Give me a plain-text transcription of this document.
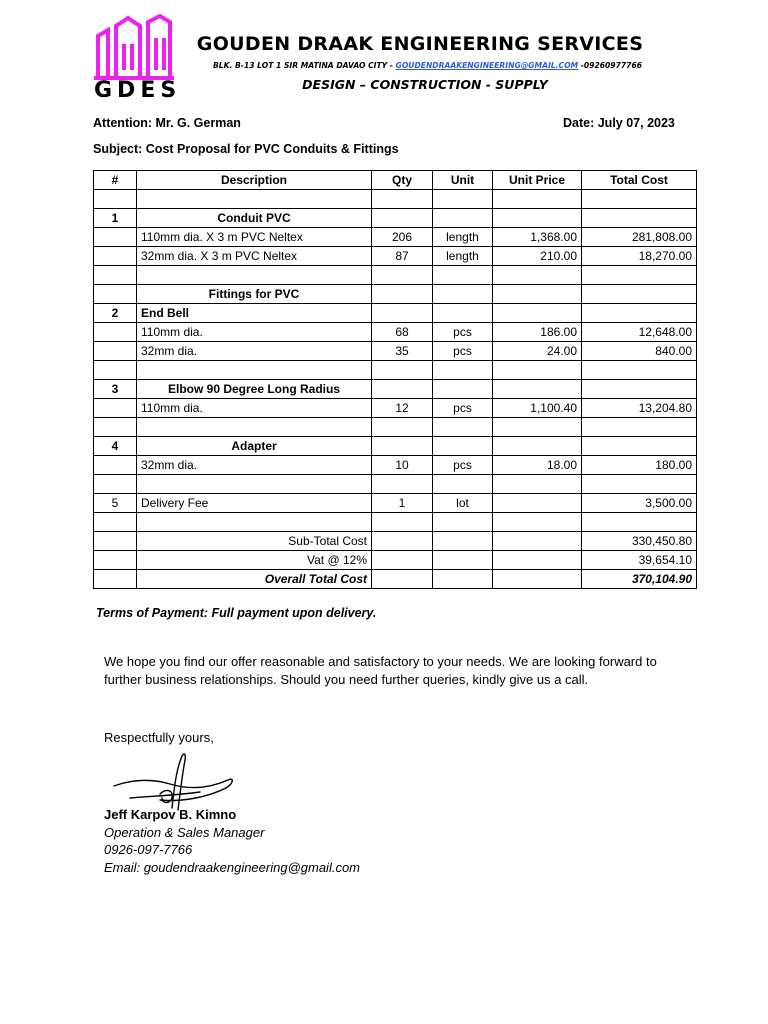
GDES
GOUDEN DRAAK ENGINEERING SERVICES
BLK. B-13 LOT 1 SIR MATINA DAVAO CITY - GOUDENDRAAKENGINEERING@GMAIL.COM -09260977766
DESIGN – CONSTRUCTION - SUPPLY
Attention: Mr. G. German	Date: July 07, 2023
Subject: Cost Proposal for PVC Conduits & Fittings
#	Description	Qty	Unit	Unit Price	Total Cost

1	Conduit PVC				
	110mm dia. X 3 m PVC Neltex	206	length	1,368.00	281,808.00
	32mm dia. X 3 m PVC Neltex	87	length	210.00	18,270.00

	Fittings for PVC				
2	End Bell				
	110mm dia.	68	pcs	186.00	12,648.00
	32mm dia.	35	pcs	24.00	840.00

3	Elbow 90 Degree Long Radius				
	110mm dia.	12	pcs	1,100.40	13,204.80

4	Adapter				
	32mm dia.	10	pcs	18.00	180.00

5	Delivery Fee	1	lot		3,500.00

	Sub-Total Cost				330,450.80
	Vat @ 12%				39,654.10
	Overall Total Cost				370,104.90
Terms of Payment: Full payment upon delivery.

We hope you find our offer reasonable and satisfactory to your needs. We are looking forward to

further business relationships. Should you need further queries, kindly give us a call.

Respectfully yours,
Jeff Karpov B. Kimno
Operation & Sales Manager
0926-097-7766
Email: goudendraakengineering@gmail.com
